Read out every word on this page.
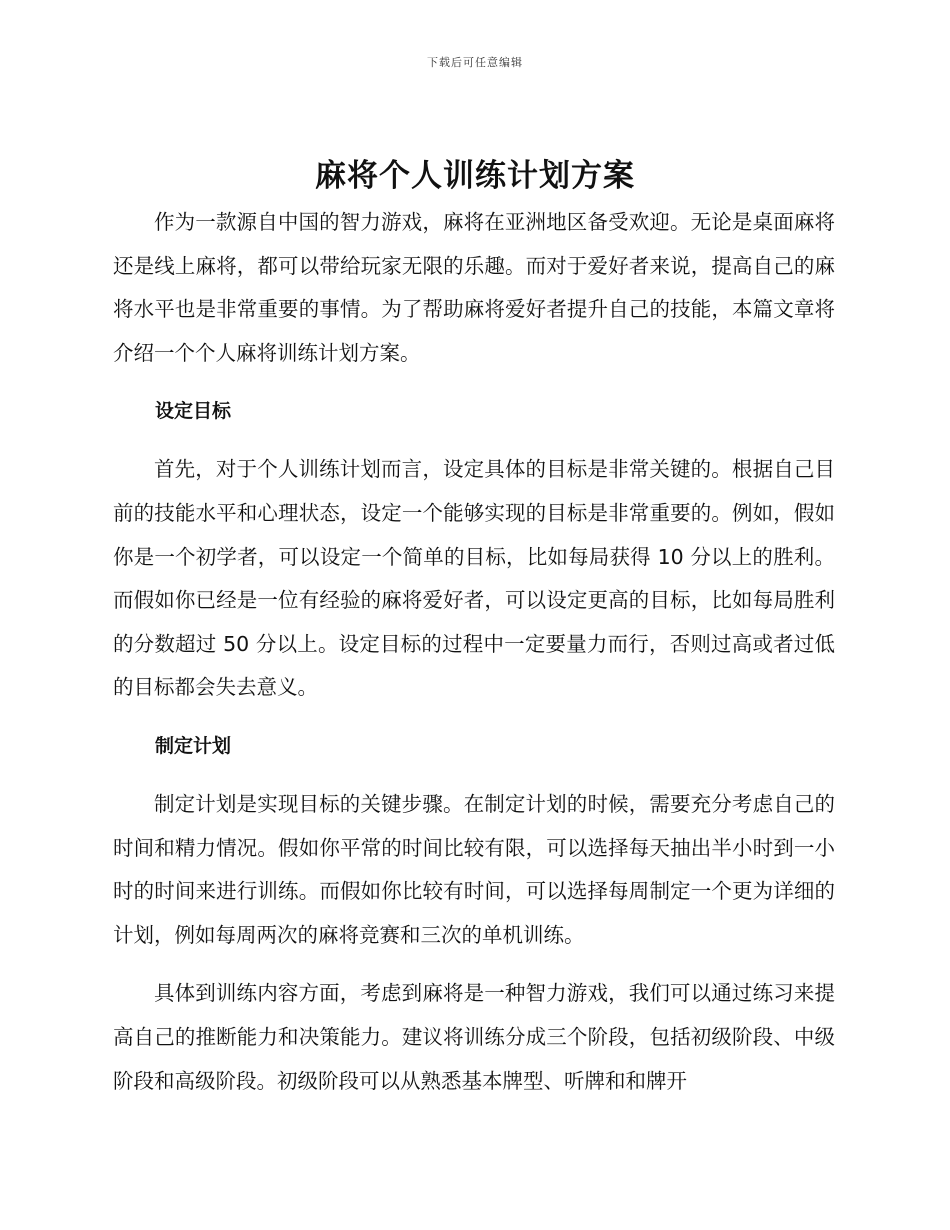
下载后可任意编辑
麻将个人训练计划方案

作为一款源自中国的智力游戏，麻将在亚洲地区备受欢迎。无论是桌面麻将还是线上麻将，都可以带给玩家无限的乐趣。而对于爱好者来说，提高自己的麻将水平也是非常重要的事情。为了帮助麻将爱好者提升自己的技能，本篇文章将介绍一个个人麻将训练计划方案。

设定目标

首先，对于个人训练计划而言，设定具体的目标是非常关键的。根据自己目前的技能水平和心理状态，设定一个能够实现的目标是非常重要的。例如，假如你是一个初学者，可以设定一个简单的目标，比如每局获得 10 分以上的胜利。而假如你已经是一位有经验的麻将爱好者，可以设定更高的目标，比如每局胜利的分数超过 50 分以上。设定目标的过程中一定要量力而行，否则过高或者过低的目标都会失去意义。

制定计划

制定计划是实现目标的关键步骤。在制定计划的时候，需要充分考虑自己的时间和精力情况。假如你平常的时间比较有限，可以选择每天抽出半小时到一小时的时间来进行训练。而假如你比较有时间，可以选择每周制定一个更为详细的计划，例如每周两次的麻将竞赛和三次的单机训练。

具体到训练内容方面，考虑到麻将是一种智力游戏，我们可以通过练习来提高自己的推断能力和决策能力。建议将训练分成三个阶段，包括初级阶段、中级阶段和高级阶段。初级阶段可以从熟悉基本牌型、听牌和和牌开
